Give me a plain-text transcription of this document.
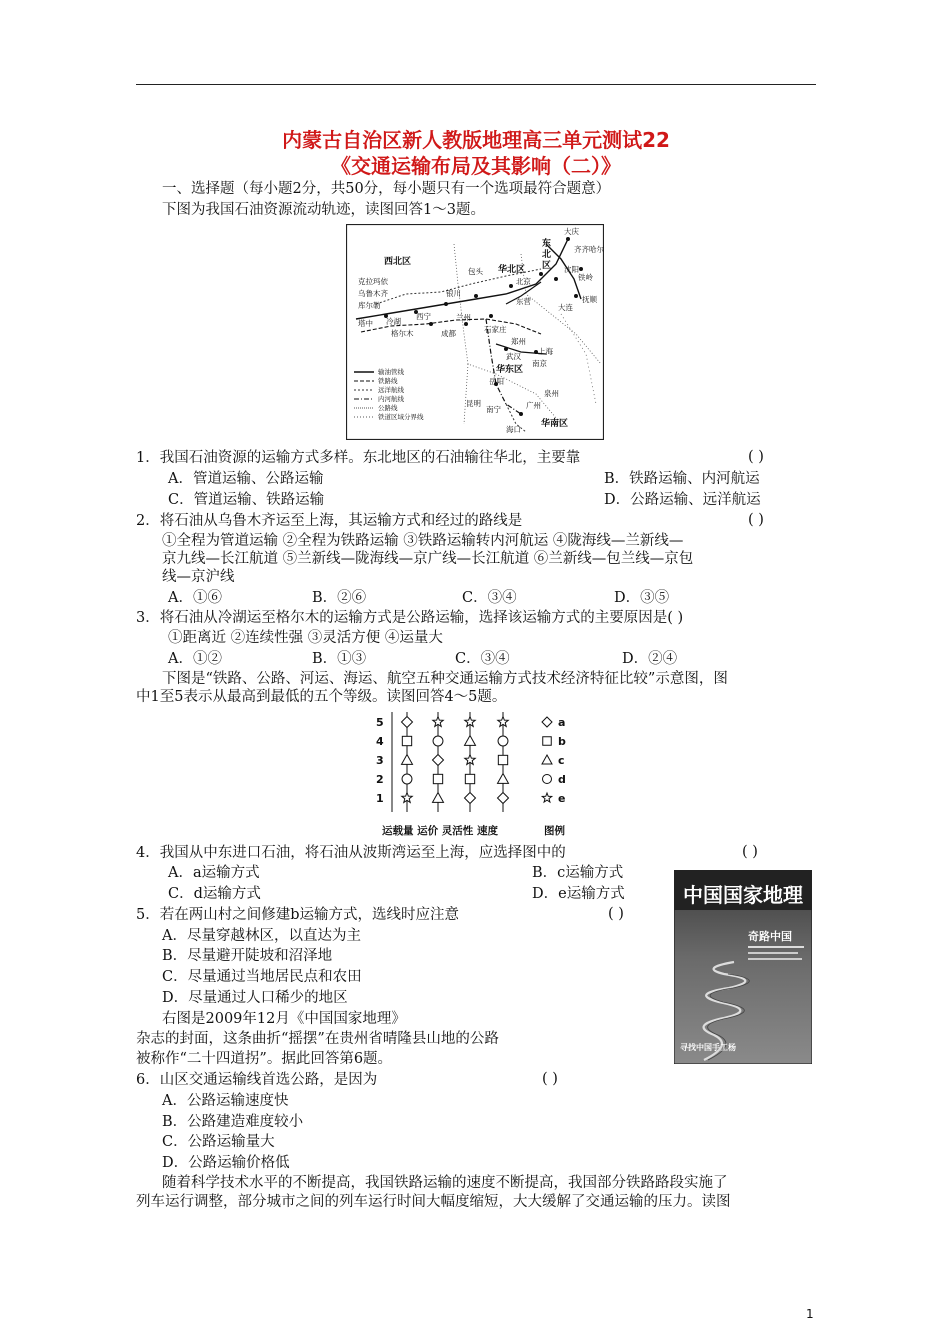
内蒙古自治区新人教版地理高三单元测试22
《交通运输布局及其影响（二）》
一、选择题（每小题2分，共50分，每小题只有一个选项最符合题意）
下图为我国石油资源流动轨迹，读图回答1～3题。
西北区
华北区
东
北
区
华东区
华南区
大庆
齐齐哈尔
铁岭
沈阳
抚顺
大连
北京
包头
银川
兰州
石家庄
东营
郑州
武汉
上海
南京
岳阳
成都
西宁
冷湖
格尔木
克拉玛依
乌鲁木齐
库尔勒
塔中
昆明
南宁	广州
泉州
海口
输油管线
铁路线
远洋航线
内河航线
公路线
铁道区域分界线
1．我国石油资源的运输方式多样。东北地区的石油输往华北，主要靠	( )
A．管道运输、公路运输	B．铁路运输、内河航运
C．管道运输、铁路运输	D．公路运输、远洋航运
2．将石油从乌鲁木齐运至上海，其运输方式和经过的路线是	( )
①全程为管道运输 ②全程为铁路运输 ③铁路运输转内河航运 ④陇海线—兰新线—
京九线—长江航道 ⑤兰新线—陇海线—京广线—长江航道 ⑥兰新线—包兰线—京包
线—京沪线
A．①⑥	B．②⑥	C．③④	D．③⑤
3．将石油从冷湖运至格尔木的运输方式是公路运输，选择该运输方式的主要原因是( )
①距离近 ②连续性强 ③灵活方便 ④运量大
A．①②	B．①③	C．③④	D．②④
下图是“铁路、公路、河运、海运、航空五种交通运输方式技术经济特征比较”示意图，图
中1至5表示从最高到最低的五个等级。读图回答4～5题。
5
4
3
2
1
a
b
c
d
e
运载量 运价 灵活性 速度	图例
4．我国从中东进口石油，将石油从波斯湾运至上海，应选择图中的	( )
A．a运输方式	B．c运输方式
C．d运输方式	D．e运输方式
5．若在两山村之间修建b运输方式，选线时应注意	( )
A．尽量穿越林区，以直达为主
B．尽量避开陡坡和沼泽地
C．尽量通过当地居民点和农田
D．尽量通过人口稀少的地区
中国国家地理
奇路中国
寻找中国手工杨
右图是2009年12月《中国国家地理》
杂志的封面，这条曲折“摇摆”在贵州省晴隆县山地的公路
被称作“二十四道拐”。据此回答第6题。
6．山区交通运输线首选公路，是因为	( )
A．公路运输速度快
B．公路建造难度较小
C．公路运输量大
D．公路运输价格低
随着科学技术水平的不断提高，我国铁路运输的速度不断提高，我国部分铁路路段实施了
列车运行调整，部分城市之间的列车运行时间大幅度缩短，大大缓解了交通运输的压力。读图
1
